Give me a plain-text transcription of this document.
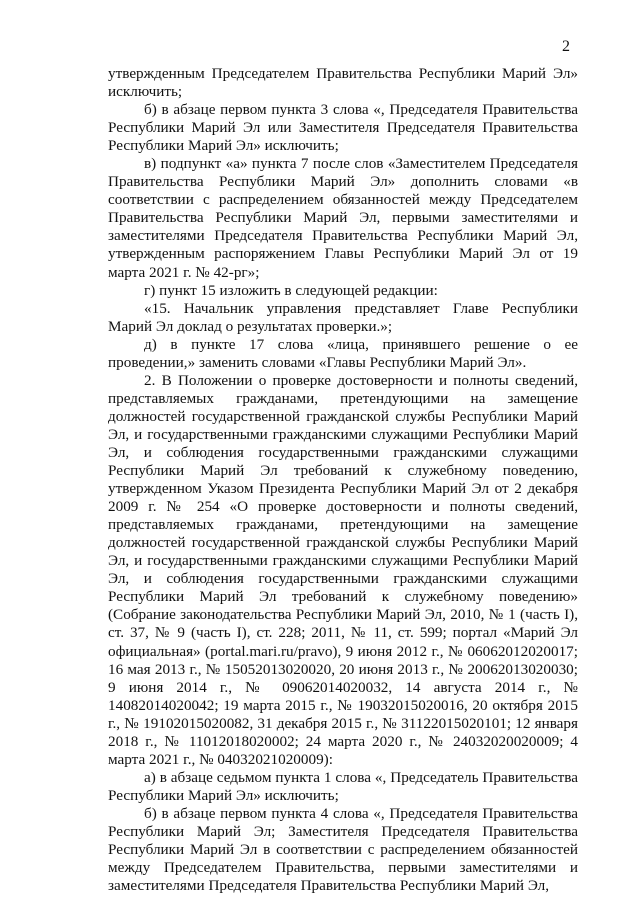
2

утвержденным Председателем Правительства Республики Марий Эл» исключить;

б) в абзаце первом пункта 3 слова «, Председателя Правительства Республики Марий Эл или Заместителя Председателя Правительства Республики Марий Эл» исключить;

в) подпункт «а» пункта 7 после слов «Заместителем Председателя Правительства Республики Марий Эл» дополнить словами «в соответствии с распределением обязанностей между Председателем Правительства Республики Марий Эл, первыми заместителями и заместителями Председателя Правительства Республики Марий Эл, утвержденным распоряжением Главы Республики Марий Эл от 19 марта 2021 г. № 42-рг»;

г) пункт 15 изложить в следующей редакции:

«15. Начальник управления представляет Главе Республики Марий Эл доклад о результатах проверки.»;

д) в пункте 17 слова «лица, принявшего решение о ее проведении,» заменить словами «Главы Республики Марий Эл».

2. В Положении о проверке достоверности и полноты сведений, представляемых гражданами, претендующими на замещение должностей государственной гражданской службы Республики Марий Эл, и государственными гражданскими служащими Республики Марий Эл, и соблюдения государственными гражданскими служащими Республики Марий Эл требований к служебному поведению, утвержденном Указом Президента Республики Марий Эл от 2 декабря 2009 г. № 254 «О проверке достоверности и полноты сведений, представляемых гражданами, претендующими на замещение должностей государственной гражданской службы Республики Марий Эл, и государственными гражданскими служащими Республики Марий Эл, и соблюдения государственными гражданскими служащими Республики Марий Эл требований к служебному поведению» (Собрание законодательства Республики Марий Эл, 2010, № 1 (часть I), ст. 37, № 9 (часть I), ст. 228; 2011, № 11, ст. 599; портал «Марий Эл официальная» (portal.mari.ru/pravo), 9 июня 2012 г., № 06062012020017; 16 мая 2013 г., № 15052013020020, 20 июня 2013 г., № 20062013020030; 9 июня 2014 г., № 09062014020032, 14 августа 2014 г., № 14082014020042; 19 марта 2015 г., № 19032015020016, 20 октября 2015 г., № 19102015020082, 31 декабря 2015 г., № 31122015020101; 12 января 2018 г., № 11012018020002; 24 марта 2020 г., № 24032020020009; 4 марта 2021 г., № 04032021020009):

а) в абзаце седьмом пункта 1 слова «, Председатель Правительства Республики Марий Эл» исключить;

б) в абзаце первом пункта 4 слова «, Председателя Правительства Республики Марий Эл; Заместителя Председателя Правительства Республики Марий Эл в соответствии с распределением обязанностей между Председателем Правительства, первыми заместителями и заместителями Председателя Правительства Республики Марий Эл,
